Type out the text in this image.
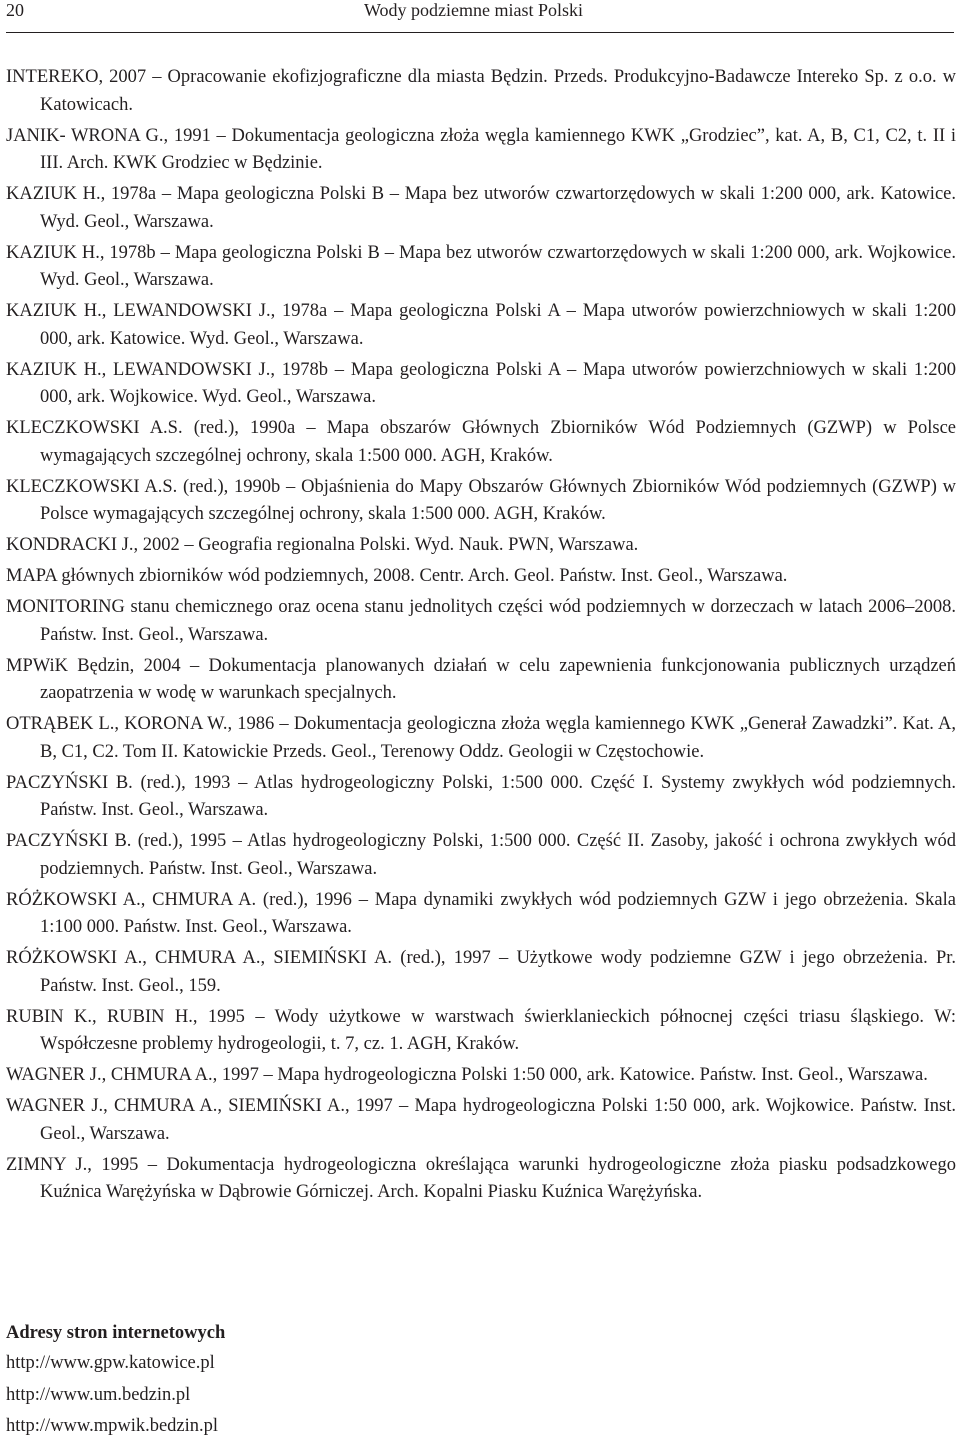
20	Wody podziemne miast Polski

INTEREKO, 2007 – Opracowanie ekofizjograficzne dla miasta Będzin. Przeds. Produkcyjno-Badawcze Intereko Sp. z o.o. w Katowicach.

JANIK- WRONA G., 1991 – Dokumentacja geologiczna złoża węgla kamiennego KWK „Grodziec”, kat. A, B, C1, C2, t. II i III. Arch. KWK Grodziec w Będzinie.

KAZIUK H., 1978a – Mapa geologiczna Polski B – Mapa bez utworów czwartorzędowych w skali 1:200 000, ark. Katowice. Wyd. Geol., Warszawa.

KAZIUK H., 1978b – Mapa geologiczna Polski B – Mapa bez utworów czwartorzędowych w skali 1:200 000, ark. Wojkowice. Wyd. Geol., Warszawa.

KAZIUK H., LEWANDOWSKI J., 1978a – Mapa geologiczna Polski A – Mapa utworów powierzchniowych w skali 1:200 000, ark. Katowice. Wyd. Geol., Warszawa.

KAZIUK H., LEWANDOWSKI J., 1978b – Mapa geologiczna Polski A – Mapa utworów powierzchniowych w skali 1:200 000, ark. Wojkowice. Wyd. Geol., Warszawa.

KLECZKOWSKI A.S. (red.), 1990a – Mapa obszarów Głównych Zbiorników Wód Podziemnych (GZWP) w Polsce wymagających szczególnej ochrony, skala 1:500 000. AGH, Kraków.

KLECZKOWSKI A.S. (red.), 1990b – Objaśnienia do Mapy Obszarów Głównych Zbiorników Wód podziemnych (GZWP) w Polsce wymagających szczególnej ochrony, skala 1:500 000. AGH, Kraków.

KONDRACKI J., 2002 – Geografia regionalna Polski. Wyd. Nauk. PWN, Warszawa.

MAPA głównych zbiorników wód podziemnych, 2008. Centr. Arch. Geol. Państw. Inst. Geol., Warszawa.

MONITORING stanu chemicznego oraz ocena stanu jednolitych części wód podziemnych w dorzeczach w latach 2006–2008. Państw. Inst. Geol., Warszawa.

MPWiK Będzin, 2004 – Dokumentacja planowanych działań w celu zapewnienia funkcjonowania publicznych urządzeń zaopatrzenia w wodę w warunkach specjalnych.

OTRĄBEK L., KORONA W., 1986 – Dokumentacja geologiczna złoża węgla kamiennego KWK „Generał Zawadzki”. Kat. A, B, C1, C2. Tom II. Katowickie Przeds. Geol., Terenowy Oddz. Geologii w Częstochowie.

PACZYŃSKI B. (red.), 1993 – Atlas hydrogeologiczny Polski, 1:500 000. Część I. Systemy zwykłych wód podziemnych. Państw. Inst. Geol., Warszawa.

PACZYŃSKI B. (red.), 1995 – Atlas hydrogeologiczny Polski, 1:500 000. Część II. Zasoby, jakość i ochrona zwykłych wód podziemnych. Państw. Inst. Geol., Warszawa.

RÓŻKOWSKI A., CHMURA A. (red.), 1996 – Mapa dynamiki zwykłych wód podziemnych GZW i jego obrzeżenia. Skala 1:100 000. Państw. Inst. Geol., Warszawa.

RÓŻKOWSKI A., CHMURA A., SIEMIŃSKI A. (red.), 1997 – Użytkowe wody podziemne GZW i jego obrzeżenia. Pr. Państw. Inst. Geol., 159.

RUBIN K., RUBIN H., 1995 – Wody użytkowe w warstwach świerklanieckich północnej części triasu śląskiego. W: Współczesne problemy hydrogeologii, t. 7, cz. 1. AGH, Kraków.

WAGNER J., CHMURA A., 1997 – Mapa hydrogeologiczna Polski 1:50 000, ark. Katowice. Państw. Inst. Geol., Warszawa.

WAGNER J., CHMURA A., SIEMIŃSKI A., 1997 – Mapa hydrogeologiczna Polski 1:50 000, ark. Wojkowice. Państw. Inst. Geol., Warszawa.

ZIMNY J., 1995 – Dokumentacja hydrogeologiczna określająca warunki hydrogeologiczne złoża piasku podsadzkowego Kuźnica Warężyńska w Dąbrowie Górniczej. Arch. Kopalni Piasku Kuźnica Warężyńska.

Adresy stron internetowych

http://www.gpw.katowice.pl
http://www.um.bedzin.pl
http://www.mpwik.bedzin.pl
